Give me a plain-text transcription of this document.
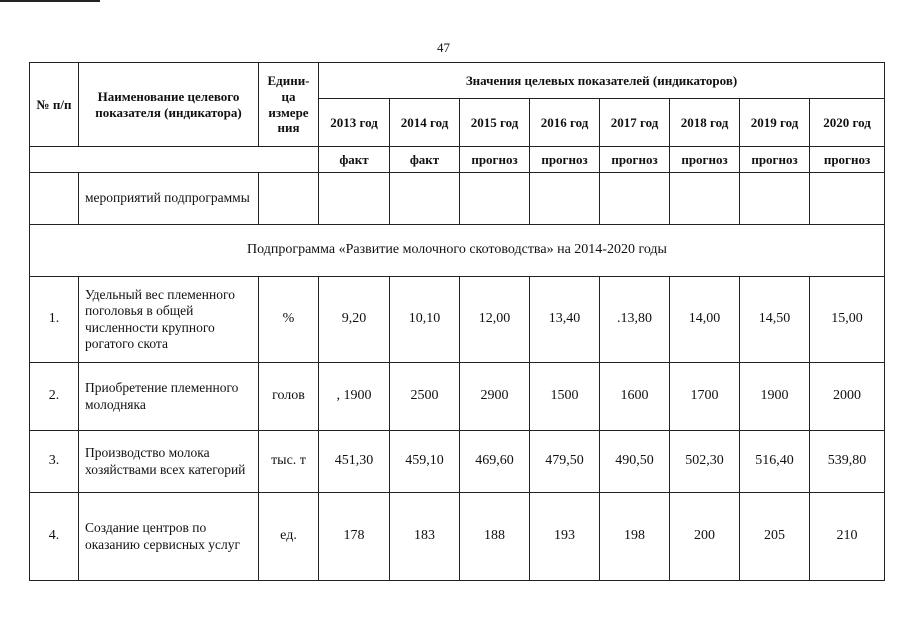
47
№ п/п	Наименование целевого показателя (индикатора)	Едини-ца измере ния	Значения целевых показателей (индикаторов)							
			2013 год	2014 год	2015 год	2016 год	2017 год	2018 год	2019 год	2020 год
			факт	факт	прогноз	прогноз	прогноз	прогноз	прогноз	прогноз
	мероприятий подпрограммы									
Подпрограмма «Развитие молочного скотоводства» на 2014-2020 годы										
1.	Удельный вес племенного поголовья в общей численности крупного рогатого скота	%	9,20	10,10	12,00	13,40	.13,80	14,00	14,50	15,00
2.	Приобретение племенного молодняка	голов	, 1900	2500	2900	1500	1600	1700	1900	2000
3.	Производство молока хозяйствами всех категорий	тыс. т	451,30	459,10	469,60	479,50	490,50	502,30	516,40	539,80
4.	Создание центров по оказанию сервисных услуг	ед.	178	183	188	193	198	200	205	210
